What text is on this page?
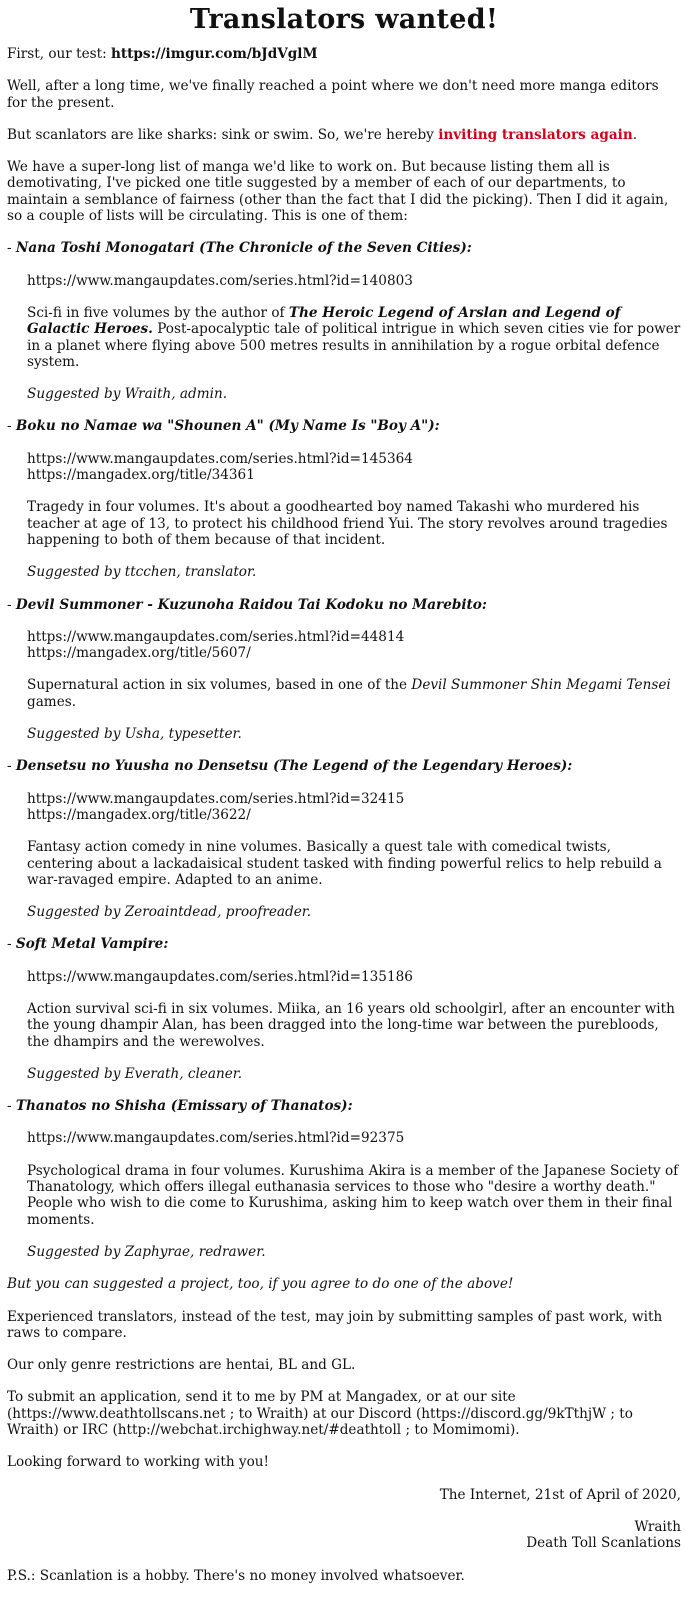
Translators wanted!

First, our test: https://imgur.com/bJdVglM

Well, after a long time, we've finally reached a point where we don't need more manga editors for the present.

But scanlators are like sharks: sink or swim. So, we're hereby inviting translators again.

We have a super-long list of manga we'd like to work on. But because listing them all is demotivating, I've picked one title suggested by a member of each of our departments, to maintain a semblance of fairness (other than the fact that I did the picking). Then I did it again, so a couple of lists will be circulating. This is one of them:

- Nana Toshi Monogatari (The Chronicle of the Seven Cities):

https://www.mangaupdates.com/series.html?id=140803

Sci-fi in five volumes by the author of The Heroic Legend of Arslan and Legend of Galactic Heroes. Post-apocalyptic tale of political intrigue in which seven cities vie for power in a planet where flying above 500 metres results in annihilation by a rogue orbital defence system.

Suggested by Wraith, admin.

- Boku no Namae wa "Shounen A" (My Name Is "Boy A"):

https://www.mangaupdates.com/series.html?id=145364
https://mangadex.org/title/34361

Tragedy in four volumes. It's about a goodhearted boy named Takashi who murdered his teacher at age of 13, to protect his childhood friend Yui. The story revolves around tragedies happening to both of them because of that incident.

Suggested by ttcchen, translator.

- Devil Summoner - Kuzunoha Raidou Tai Kodoku no Marebito:

https://www.mangaupdates.com/series.html?id=44814
https://mangadex.org/title/5607/

Supernatural action in six volumes, based in one of the Devil Summoner Shin Megami Tensei games.

Suggested by Usha, typesetter.

- Densetsu no Yuusha no Densetsu (The Legend of the Legendary Heroes):

https://www.mangaupdates.com/series.html?id=32415
https://mangadex.org/title/3622/

Fantasy action comedy in nine volumes. Basically a quest tale with comedical twists, centering about a lackadaisical student tasked with finding powerful relics to help rebuild a war-ravaged empire. Adapted to an anime.

Suggested by Zeroaintdead, proofreader.

- Soft Metal Vampire:

https://www.mangaupdates.com/series.html?id=135186

Action survival sci-fi in six volumes. Miika, an 16 years old schoolgirl, after an encounter with the young dhampir Alan, has been dragged into the long-time war between the purebloods, the dhampirs and the werewolves.

Suggested by Everath, cleaner.

- Thanatos no Shisha (Emissary of Thanatos):

https://www.mangaupdates.com/series.html?id=92375

Psychological drama in four volumes. Kurushima Akira is a member of the Japanese Society of Thanatology, which offers illegal euthanasia services to those who "desire a worthy death." People who wish to die come to Kurushima, asking him to keep watch over them in their final moments.

Suggested by Zaphyrae, redrawer.

But you can suggested a project, too, if you agree to do one of the above!

Experienced translators, instead of the test, may join by submitting samples of past work, with raws to compare.

Our only genre restrictions are hentai, BL and GL.

To submit an application, send it to me by PM at Mangadex, or at our site (https://www.deathtollscans.net ; to Wraith) at our Discord (https://discord.gg/9kTthjW ; to Wraith) or IRC (http://webchat.irchighway.net/#deathtoll ; to Momimomi).

Looking forward to working with you!

The Internet, 21st of April of 2020,

Wraith
Death Toll Scanlations

P.S.: Scanlation is a hobby. There's no money involved whatsoever.
